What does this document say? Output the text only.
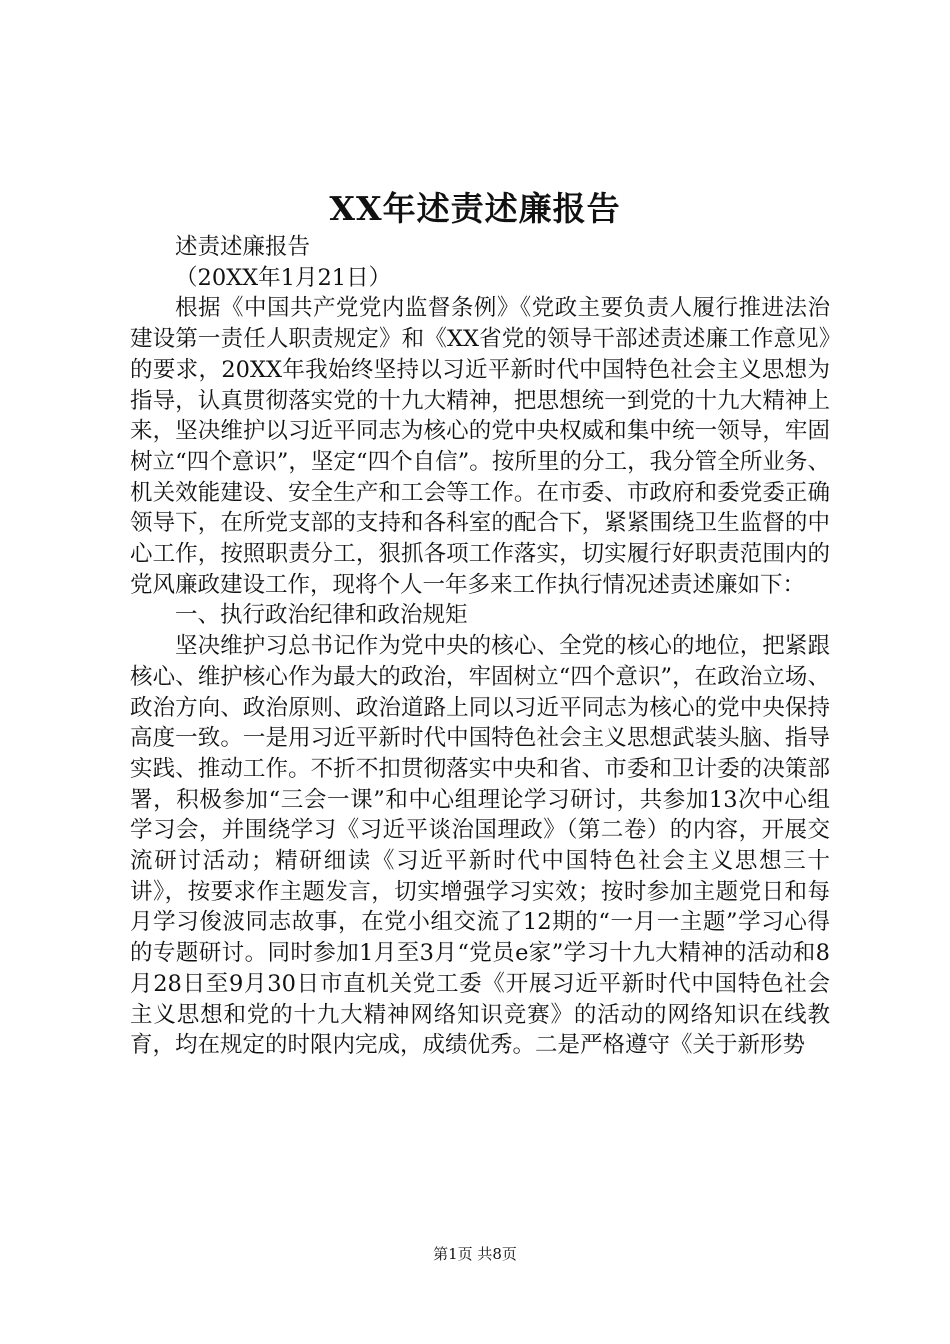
XX年述责述廉报告

述责述廉报告

（20XX年1月21日）

根据《中国共产党党内监督条例》《党政主要负责人履行推进法治建设第一责任人职责规定》和《XX省党的领导干部述责述廉工作意见》的要求，20XX年我始终坚持以习近平新时代中国特色社会主义思想为指导，认真贯彻落实党的十九大精神，把思想统一到党的十九大精神上来，坚决维护以习近平同志为核心的党中央权威和集中统一领导，牢固树立“四个意识”，坚定“四个自信”。按所里的分工，我分管全所业务、机关效能建设、安全生产和工会等工作。在市委、市政府和委党委正确领导下，在所党支部的支持和各科室的配合下，紧紧围绕卫生监督的中心工作，按照职责分工，狠抓各项工作落实，切实履行好职责范围内的党风廉政建设工作，现将个人一年多来工作执行情况述责述廉如下：

一、执行政治纪律和政治规矩

坚决维护习总书记作为党中央的核心、全党的核心的地位，把紧跟核心、维护核心作为最大的政治，牢固树立“四个意识”，在政治立场、政治方向、政治原则、政治道路上同以习近平同志为核心的党中央保持高度一致。一是用习近平新时代中国特色社会主义思想武装头脑、指导实践、推动工作。不折不扣贯彻落实中央和省、市委和卫计委的决策部署，积极参加“三会一课”和中心组理论学习研讨，共参加13次中心组学习会，并围绕学习《习近平谈治国理政》（第二卷）的内容，开展交流研讨活动；精研细读《习近平新时代中国特色社会主义思想三十讲》，按要求作主题发言，切实增强学习实效；按时参加主题党日和每月学习俊波同志故事，在党小组交流了12期的“一月一主题”学习心得的专题研讨。同时参加1月至3月“党员e家”学习十九大精神的活动和8月28日至9月30日市直机关党工委《开展习近平新时代中国特色社会主义思想和党的十九大精神网络知识竞赛》的活动的网络知识在线教育，均在规定的时限内完成，成绩优秀。二是严格遵守《关于新形势

第1页 共8页
